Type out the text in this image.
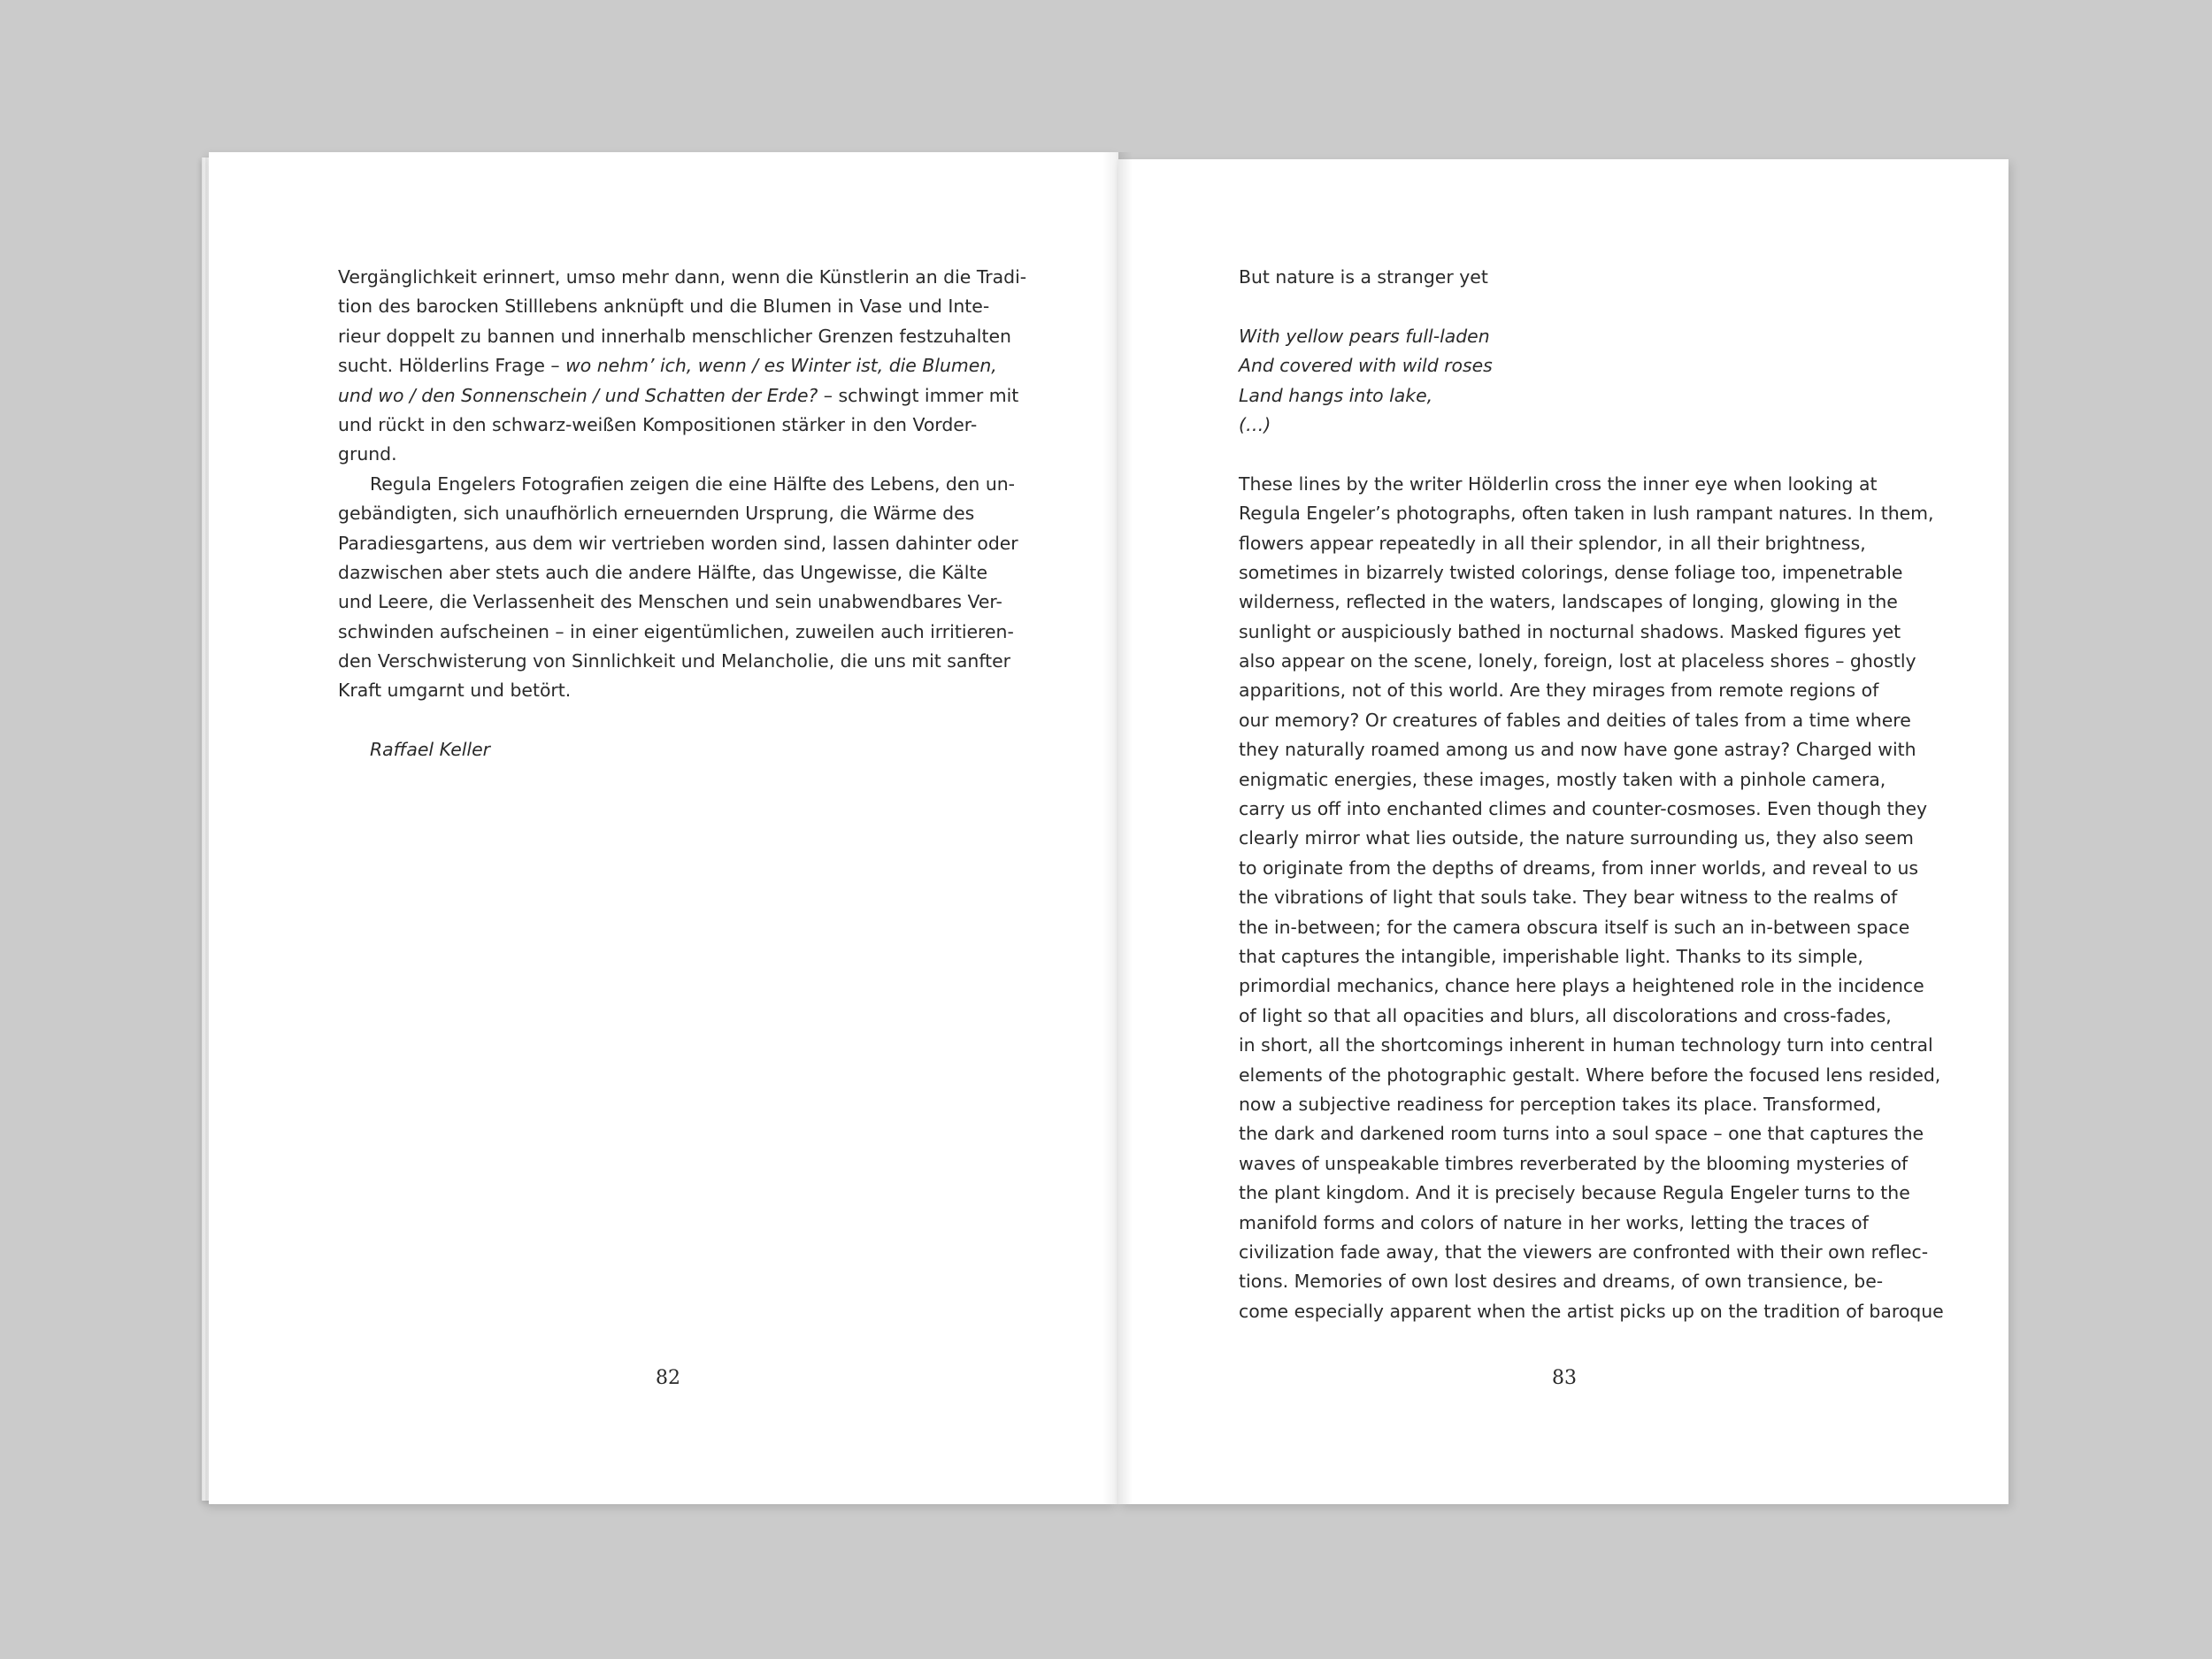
Vergänglichkeit erinnert, umso mehr dann, wenn die Künstlerin an die Tradi-
tion des barocken Stilllebens anknüpft und die Blumen in Vase und Inte-
rieur doppelt zu bannen und innerhalb menschlicher Grenzen festzuhalten
sucht. Hölderlins Frage – wo nehm’ ich, wenn / es Winter ist, die Blumen,
und wo / den Sonnenschein / und Schatten der Erde? – schwingt immer mit
und rückt in den schwarz-weißen Kompositionen stärker in den Vorder-
grund.
Regula Engelers Fotografien zeigen die eine Hälfte des Lebens, den un-
gebändigten, sich unaufhörlich erneuernden Ursprung, die Wärme des
Paradiesgartens, aus dem wir vertrieben worden sind, lassen dahinter oder
dazwischen aber stets auch die andere Hälfte, das Ungewisse, die Kälte
und Leere, die Verlassenheit des Menschen und sein unabwendbares Ver-
schwinden aufscheinen – in einer eigentümlichen, zuweilen auch irritieren-
den Verschwisterung von Sinnlichkeit und Melancholie, die uns mit sanfter
Kraft umgarnt und betört.
Raffael Keller
82
But nature is a stranger yet
With yellow pears full-laden
And covered with wild roses
Land hangs into lake,
(…)
These lines by the writer Hölderlin cross the inner eye when looking at
Regula Engeler’s photographs, often taken in lush rampant natures. In them,
flowers appear repeatedly in all their splendor, in all their brightness,
sometimes in bizarrely twisted colorings, dense foliage too, impenetrable
wilderness, reflected in the waters, landscapes of longing, glowing in the
sunlight or auspiciously bathed in nocturnal shadows. Masked figures yet
also appear on the scene, lonely, foreign, lost at placeless shores – ghostly
apparitions, not of this world. Are they mirages from remote regions of
our memory? Or creatures of fables and deities of tales from a time where
they naturally roamed among us and now have gone astray? Charged with
enigmatic energies, these images, mostly taken with a pinhole camera,
carry us off into enchanted climes and counter-cosmoses. Even though they
clearly mirror what lies outside, the nature surrounding us, they also seem
to originate from the depths of dreams, from inner worlds, and reveal to us
the vibrations of light that souls take. They bear witness to the realms of
the in-between; for the camera obscura itself is such an in-between space
that captures the intangible, imperishable light. Thanks to its simple,
primordial mechanics, chance here plays a heightened role in the incidence
of light so that all opacities and blurs, all discolorations and cross-fades,
in short, all the shortcomings inherent in human technology turn into central
elements of the photographic gestalt. Where before the focused lens resided,
now a subjective readiness for perception takes its place. Transformed,
the dark and darkened room turns into a soul space – one that captures the
waves of unspeakable timbres reverberated by the blooming mysteries of
the plant kingdom. And it is precisely because Regula Engeler turns to the
manifold forms and colors of nature in her works, letting the traces of
civilization fade away, that the viewers are confronted with their own reflec-
tions. Memories of own lost desires and dreams, of own transience, be-
come especially apparent when the artist picks up on the tradition of baroque
83
